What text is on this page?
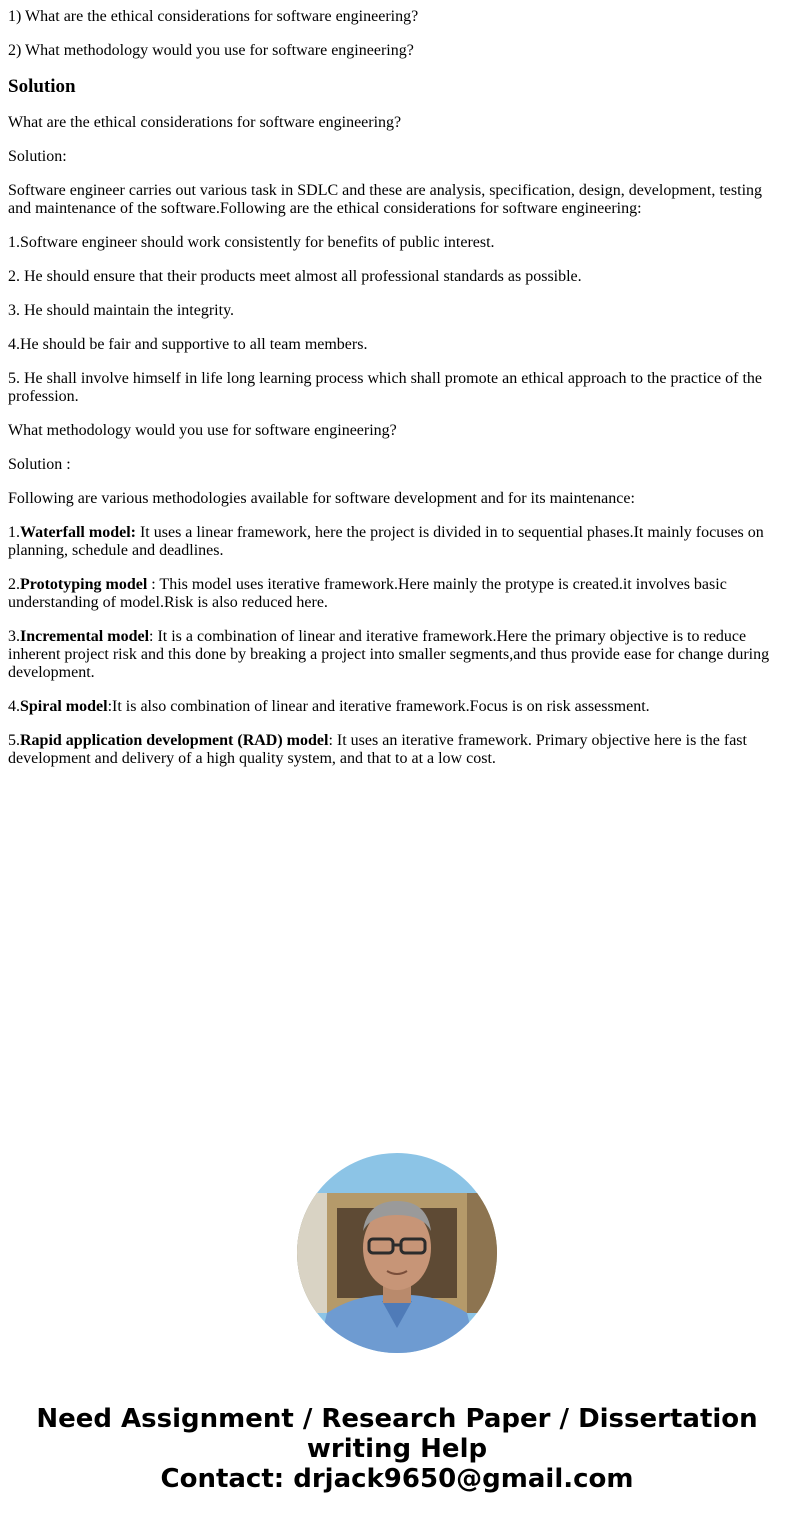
1) What are the ethical considerations for software engineering?

2) What methodology would you use for software engineering?

Solution

What are the ethical considerations for software engineering?

Solution:

Software engineer carries out various task in SDLC and these are analysis, specification, design, development, testing and maintenance of the software.Following are the ethical considerations for software engineering:

1.Software engineer should work consistently for benefits of public interest.

2. He should ensure that their products meet almost all professional standards as possible.

3. He should maintain the integrity.

4.He should be fair and supportive to all team members.

5. He shall involve himself in life long learning process which shall promote an ethical approach to the practice of the profession.

What methodology would you use for software engineering?

Solution :

Following are various methodologies available for software development and for its maintenance:

1.Waterfall model: It uses a linear framework, here the project is divided in to sequential phases.It mainly focuses on planning, schedule and deadlines.

2.Prototyping model : This model uses iterative framework.Here mainly the protype is created.it involves basic understanding of model.Risk is also reduced here.

3.Incremental model: It is a combination of linear and iterative framework.Here the primary objective is to reduce inherent project risk and this done by breaking a project into smaller segments,and thus provide ease for change during development.

4.Spiral model:It is also combination of linear and iterative framework.Focus is on risk assessment.

5.Rapid application development (RAD) model: It uses an iterative framework. Primary objective here is the fast development and delivery of a high quality system, and that to at a low cost.

Need Assignment / Research Paper / Dissertation
writing Help
Contact: drjack9650@gmail.com
